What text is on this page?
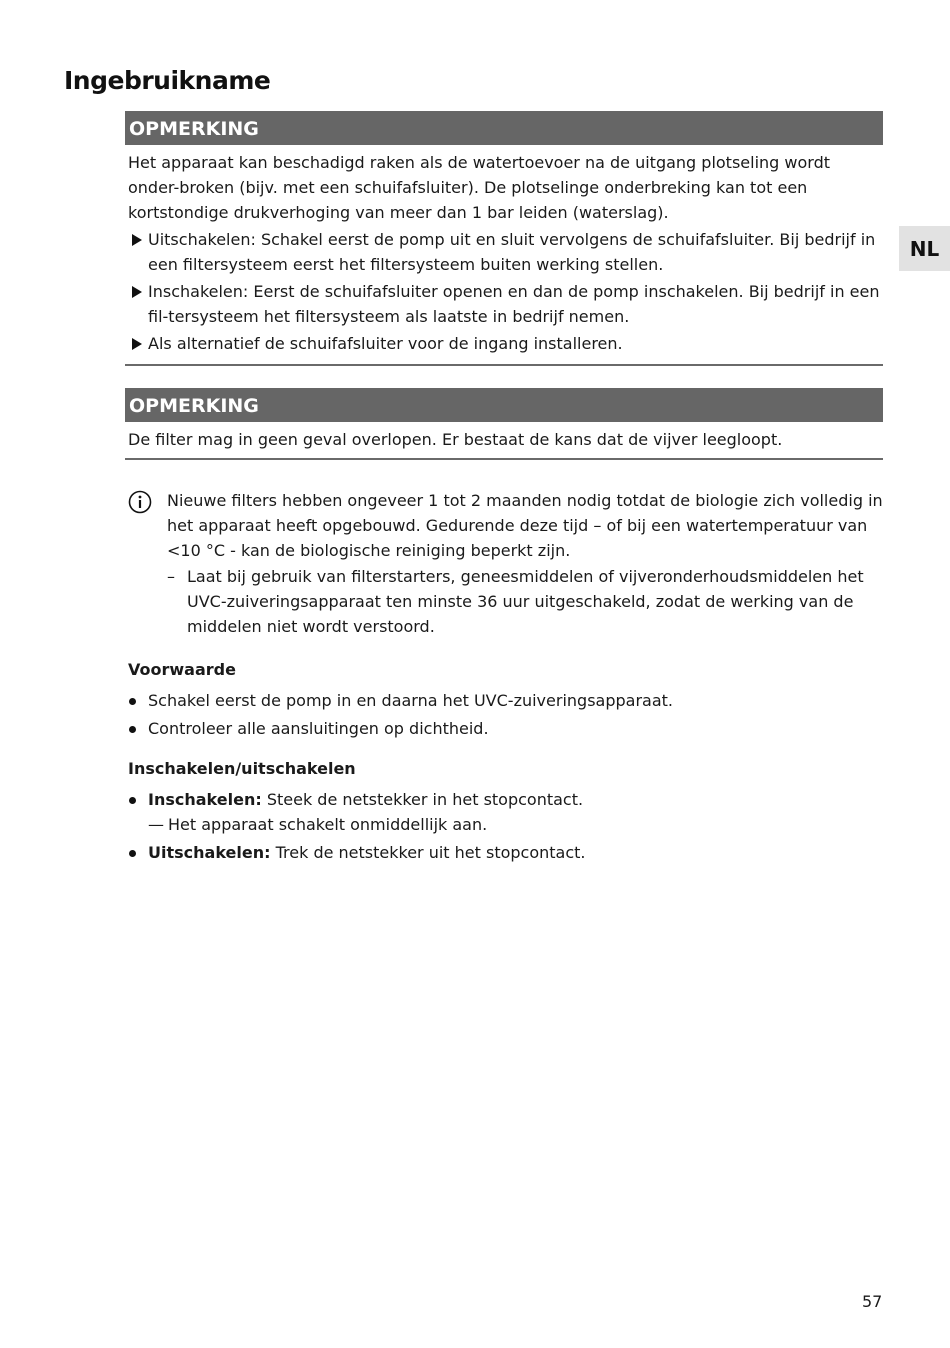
Ingebruikname
NL
OPMERKING

Het apparaat kan beschadigd raken als de watertoevoer na de uitgang plotseling wordt onder-broken (bijv. met een schuifafsluiter). De plotselinge onderbreking kan tot een kortstondige drukverhoging van meer dan 1 bar leiden (waterslag).

Uitschakelen: Schakel eerst de pomp uit en sluit vervolgens de schuifafsluiter. Bij bedrijf in een filtersysteem eerst het filtersysteem buiten werking stellen.
Inschakelen: Eerst de schuifafsluiter openen en dan de pomp inschakelen. Bij bedrijf in een fil-tersysteem het filtersysteem als laatste in bedrijf nemen.
Als alternatief de schuifafsluiter voor de ingang installeren.
OPMERKING

De filter mag in geen geval overlopen. Er bestaat de kans dat de vijver leegloopt.

Nieuwe filters hebben ongeveer 1 tot 2 maanden nodig totdat de biologie zich volledig in het apparaat heeft opgebouwd. Gedurende deze tijd – of bij een watertemperatuur van <10 °C - kan de biologische reiniging beperkt zijn.
– Laat bij gebruik van filterstarters, geneesmiddelen of vijveronderhoudsmiddelen het UVC-zuiveringsapparaat ten minste 36 uur uitgeschakeld, zodat de werking van de middelen niet wordt verstoord.

Voorwaarde

Schakel eerst de pomp in en daarna het UVC-zuiveringsapparaat.
Controleer alle aansluitingen op dichtheid.

Inschakelen/uitschakelen

Inschakelen: Steek de netstekker in het stopcontact.
— Het apparaat schakelt onmiddellijk aan.
Uitschakelen: Trek de netstekker uit het stopcontact.
57
